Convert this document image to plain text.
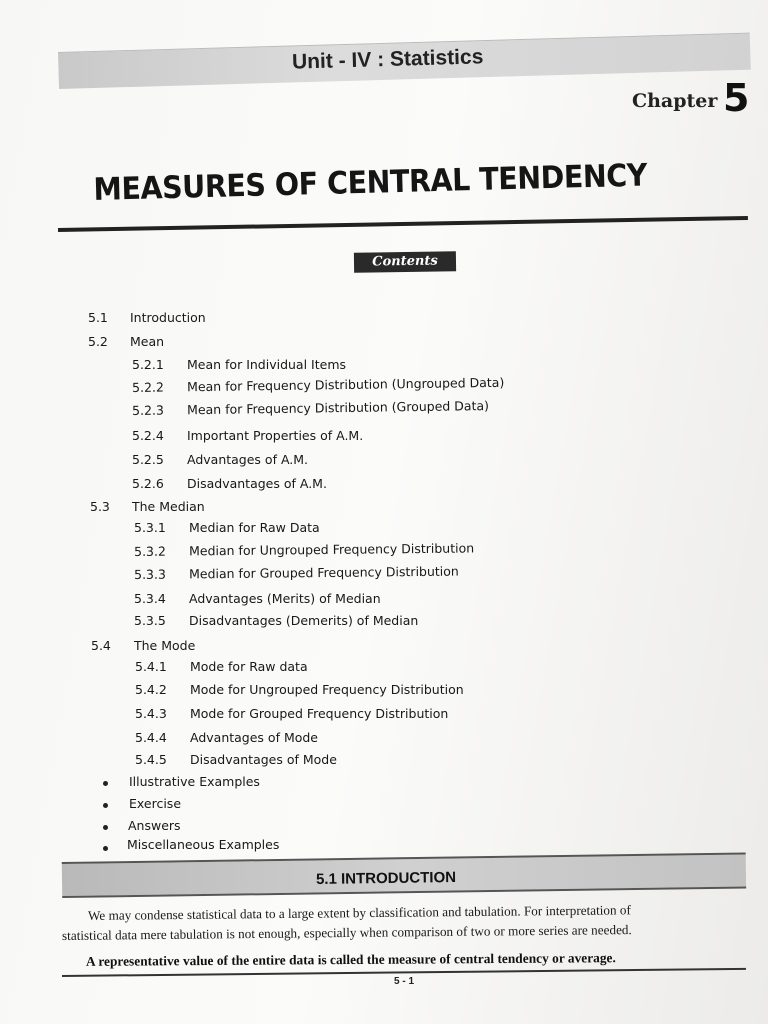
Unit - IV : Statistics
Chapter 5
MEASURES OF CENTRAL TENDENCY
Contents
5.1 Introduction
5.2 Mean
5.2.1 Mean for Individual Items
5.2.2 Mean for Frequency Distribution (Ungrouped Data)
5.2.3 Mean for Frequency Distribution (Grouped Data)
5.2.4 Important Properties of A.M.
5.2.5 Advantages of A.M.
5.2.6 Disadvantages of A.M.
5.3 The Median
5.3.1 Median for Raw Data
5.3.2 Median for Ungrouped Frequency Distribution
5.3.3 Median for Grouped Frequency Distribution
5.3.4 Advantages (Merits) of Median
5.3.5 Disadvantages (Demerits) of Median
5.4 The Mode
5.4.1 Mode for Raw data
5.4.2 Mode for Ungrouped Frequency Distribution
5.4.3 Mode for Grouped Frequency Distribution
5.4.4 Advantages of Mode
5.4.5 Disadvantages of Mode
Illustrative Examples
Exercise
Answers
Miscellaneous Examples
5.1 INTRODUCTION
We may condense statistical data to a large extent by classification and tabulation. For interpretation of
statistical data mere tabulation is not enough, especially when comparison of two or more series are needed.
A representative value of the entire data is called the measure of central tendency or average.
5 - 1
